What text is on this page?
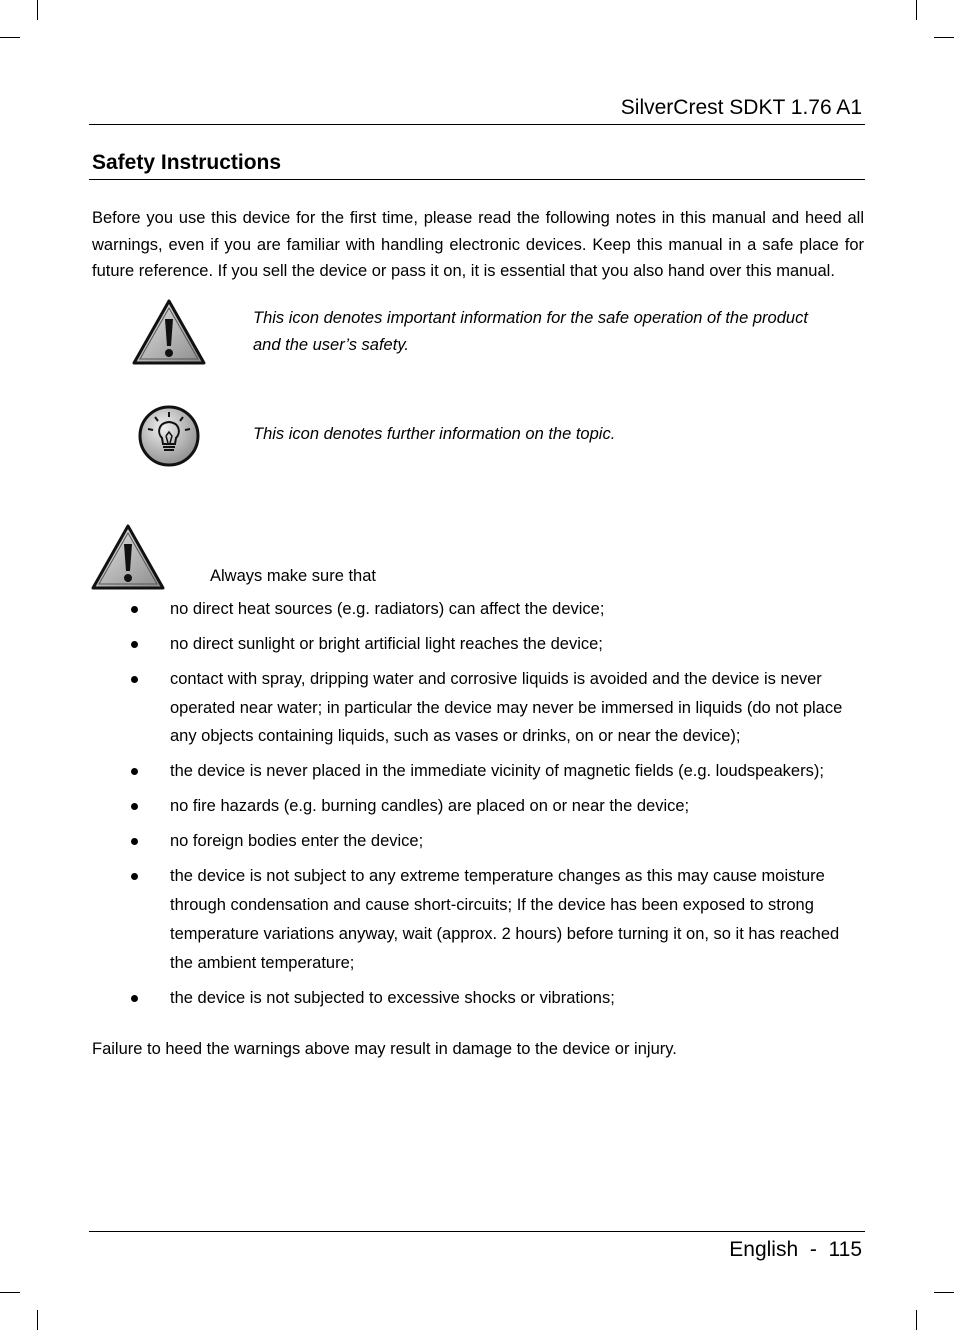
SilverCrest SDKT 1.76 A1
Safety Instructions

Before you use this device for the first time, please read the following notes in this manual and heed all warnings, even if you are familiar with handling electronic devices. Keep this manual in a safe place for future reference. If you sell the device or pass it on, it is essential that you also hand over this manual.

This icon denotes important information for the safe operation of the product and the user’s safety.
This icon denotes further information on the topic.
Always make sure that
no direct heat sources (e.g. radiators) can affect the device;
no direct sunlight or bright artificial light reaches the device;
contact with spray, dripping water and corrosive liquids is avoided and the device is never operated near water; in particular the device may never be immersed in liquids (do not place any objects containing liquids, such as vases or drinks, on or near the device);
the device is never placed in the immediate vicinity of magnetic fields (e.g. loudspeakers);
no fire hazards (e.g. burning candles) are placed on or near the device;
no foreign bodies enter the device;
the device is not subject to any extreme temperature changes as this may cause moisture through condensation and cause short-circuits; If the device has been exposed to strong temperature variations anyway, wait (approx. 2 hours) before turning it on, so it has reached the ambient temperature;
the device is not subjected to excessive shocks or vibrations;
Failure to heed the warnings above may result in damage to the device or injury.
English - 115
